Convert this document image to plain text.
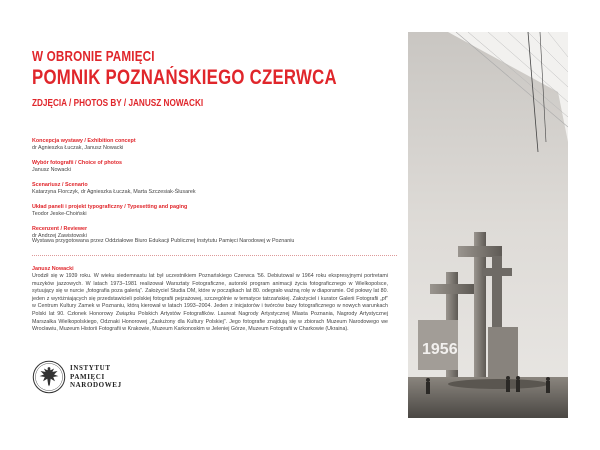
W OBRONIE PAMIĘCI
POMNIK POZNAŃSKIEGO CZERWCA
ZDJĘCIA / PHOTOS BY / JANUSZ NOWACKI
Koncepcja wystawy / Exhibition concept
dr Agnieszka Łuczak, Janusz Nowacki
Wybór fotografii / Choice of photos
Janusz Nowacki
Scenariusz / Scenario
Katarzyna Florczyk, dr Agnieszka Łuczak, Marta Szczesiak-Ślusarek
Układ paneli i projekt typograficzny / Typesetting and paging
Teodor Jeske-Choiński
Recenzent / Reviewer
dr Andrzej Zawistowski
Wystawa przygotowana przez Oddziałowe Biuro Edukacji Publicznej Instytutu Pamięci Narodowej w Poznaniu
Janusz Nowacki
Urodził się w 1939 roku. W wieku siedemnastu lat był uczestnikiem Poznańskiego Czerwca '56. Debiutował w 1964 roku ekspresyjnymi portretami muzyków jazzowych. W latach 1973–1981 realizował Warsztaty Fotograficzne, autorski program animacji życia fotograficznego w Wielkopolsce, sytuujący się w nurcie „fotografia poza galerią”. Założyciel Studia DM, które w początkach lat 80. odegrało ważną rolę w diaporamie. Od połowy lat 80. jeden z wyróżniających się przedstawicieli polskiej fotografii pejzażowej, szczególnie w tematyce tatrzańskiej. Założyciel i kurator Galerii Fotografii „pf” w Centrum Kultury Zamek w Poznaniu, którą kierował w latach 1993–2004. Jeden z inicjatorów i twórców bazy fotograficznego w nowych warunkach Polski lat 90. Członek Honorowy Związku Polskich Artystów Fotografików. Laureat Nagrody Artystycznej Miasta Poznania, Nagrody Artystycznej Marszałka Wielkopolskiego, Odznaki Honorowej „Zasłużony dla Kultury Polskiej”. Jego fotografie znajdują się w zbiorach Muzeum Narodowego we Wrocławiu, Muzeum Historii Fotografii w Krakowie, Muzeum Karkonoskim w Jeleniej Górze, Muzeum Fotografii w Charkowie (Ukraina).
INSTYTUT
PAMIĘCI
NARODOWEJ
1956
